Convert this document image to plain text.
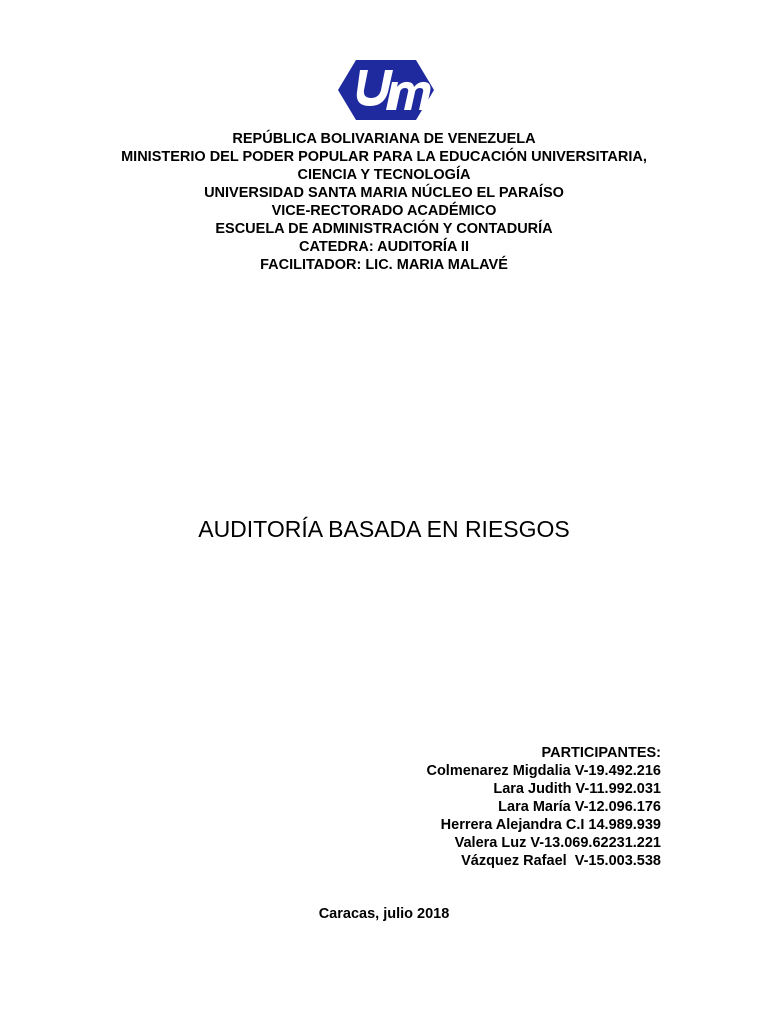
REPÚBLICA BOLIVARIANA DE VENEZUELA
MINISTERIO DEL PODER POPULAR PARA LA EDUCACIÓN UNIVERSITARIA,
CIENCIA Y TECNOLOGÍA
UNIVERSIDAD SANTA MARIA NÚCLEO EL PARAÍSO
VICE-RECTORADO ACADÉMICO
ESCUELA DE ADMINISTRACIÓN Y CONTADURÍA
CATEDRA: AUDITORÍA II
FACILITADOR: LIC. MARIA MALAVÉ
AUDITORÍA BASADA EN RIESGOS
PARTICIPANTES:
Colmenarez Migdalia V-19.492.216
Lara Judith V-11.992.031
Lara María V-12.096.176
Herrera Alejandra C.I 14.989.939
Valera Luz V-13.069.62231.221
Vázquez Rafael  V-15.003.538
Caracas, julio 2018
